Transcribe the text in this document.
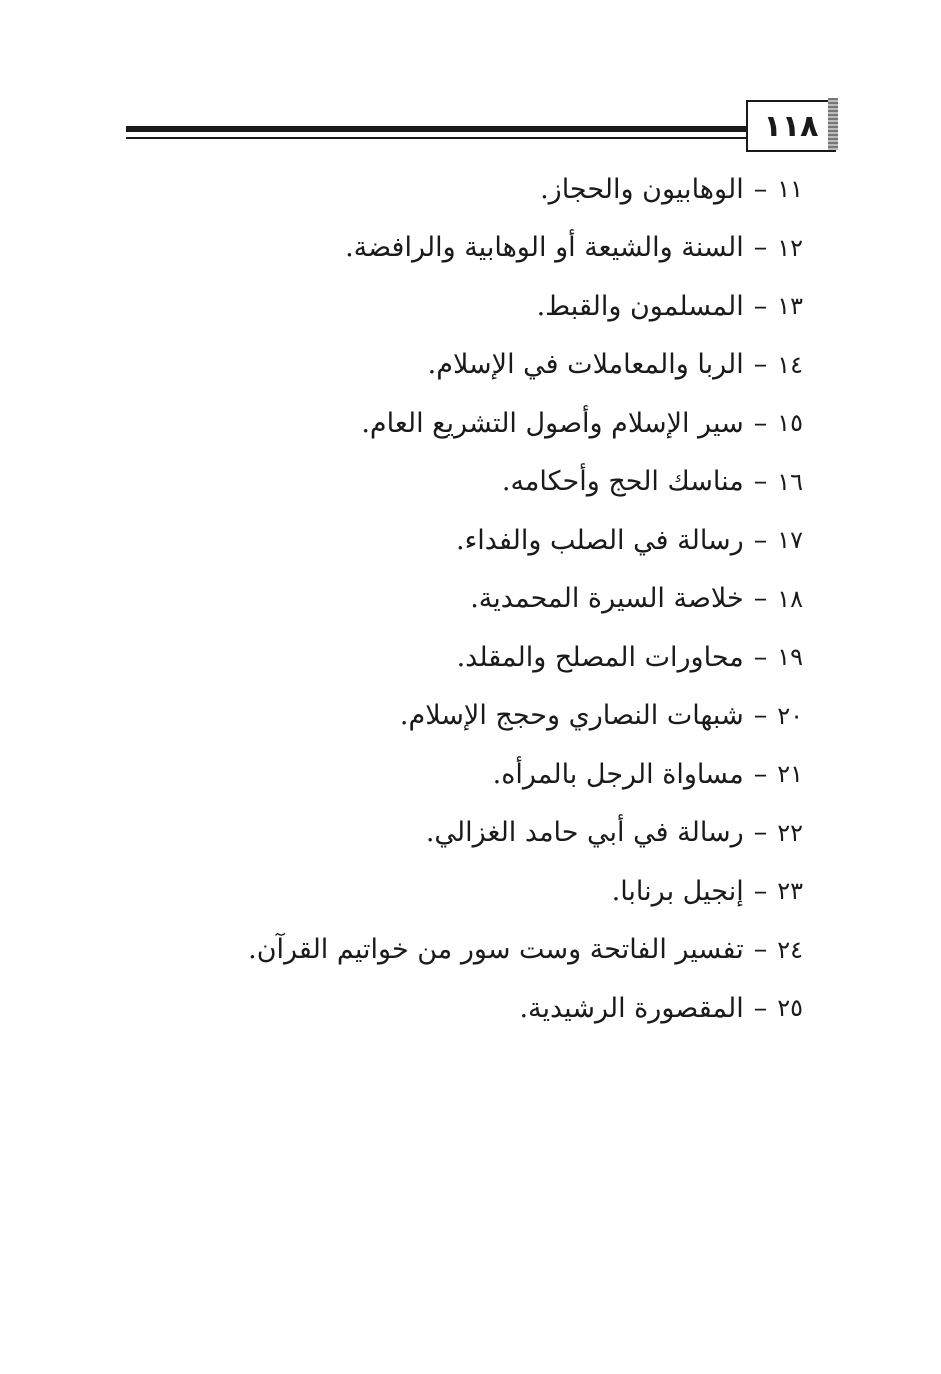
١١٨
١١
–
الوهابيون والحجاز.
١٢
–
السنة والشيعة أو الوهابية والرافضة.
١٣
–
المسلمون والقبط.
١٤
–
الربا والمعاملات في الإسلام.
١٥
–
سير الإسلام وأصول التشريع العام.
١٦
–
مناسك الحج وأحكامه.
١٧
–
رسالة في الصلب والفداء.
١٨
–
خلاصة السيرة المحمدية.
١٩
–
محاورات المصلح والمقلد.
٢٠
–
شبهات النصاري وحجج الإسلام.
٢١
–
مساواة الرجل بالمرأه.
٢٢
–
رسالة في أبي حامد الغزالي.
٢٣
–
إنجيل برنابا.
٢٤
–
تفسير الفاتحة وست سور من خواتيم القرآن.
٢٥
–
المقصورة الرشيدية.
